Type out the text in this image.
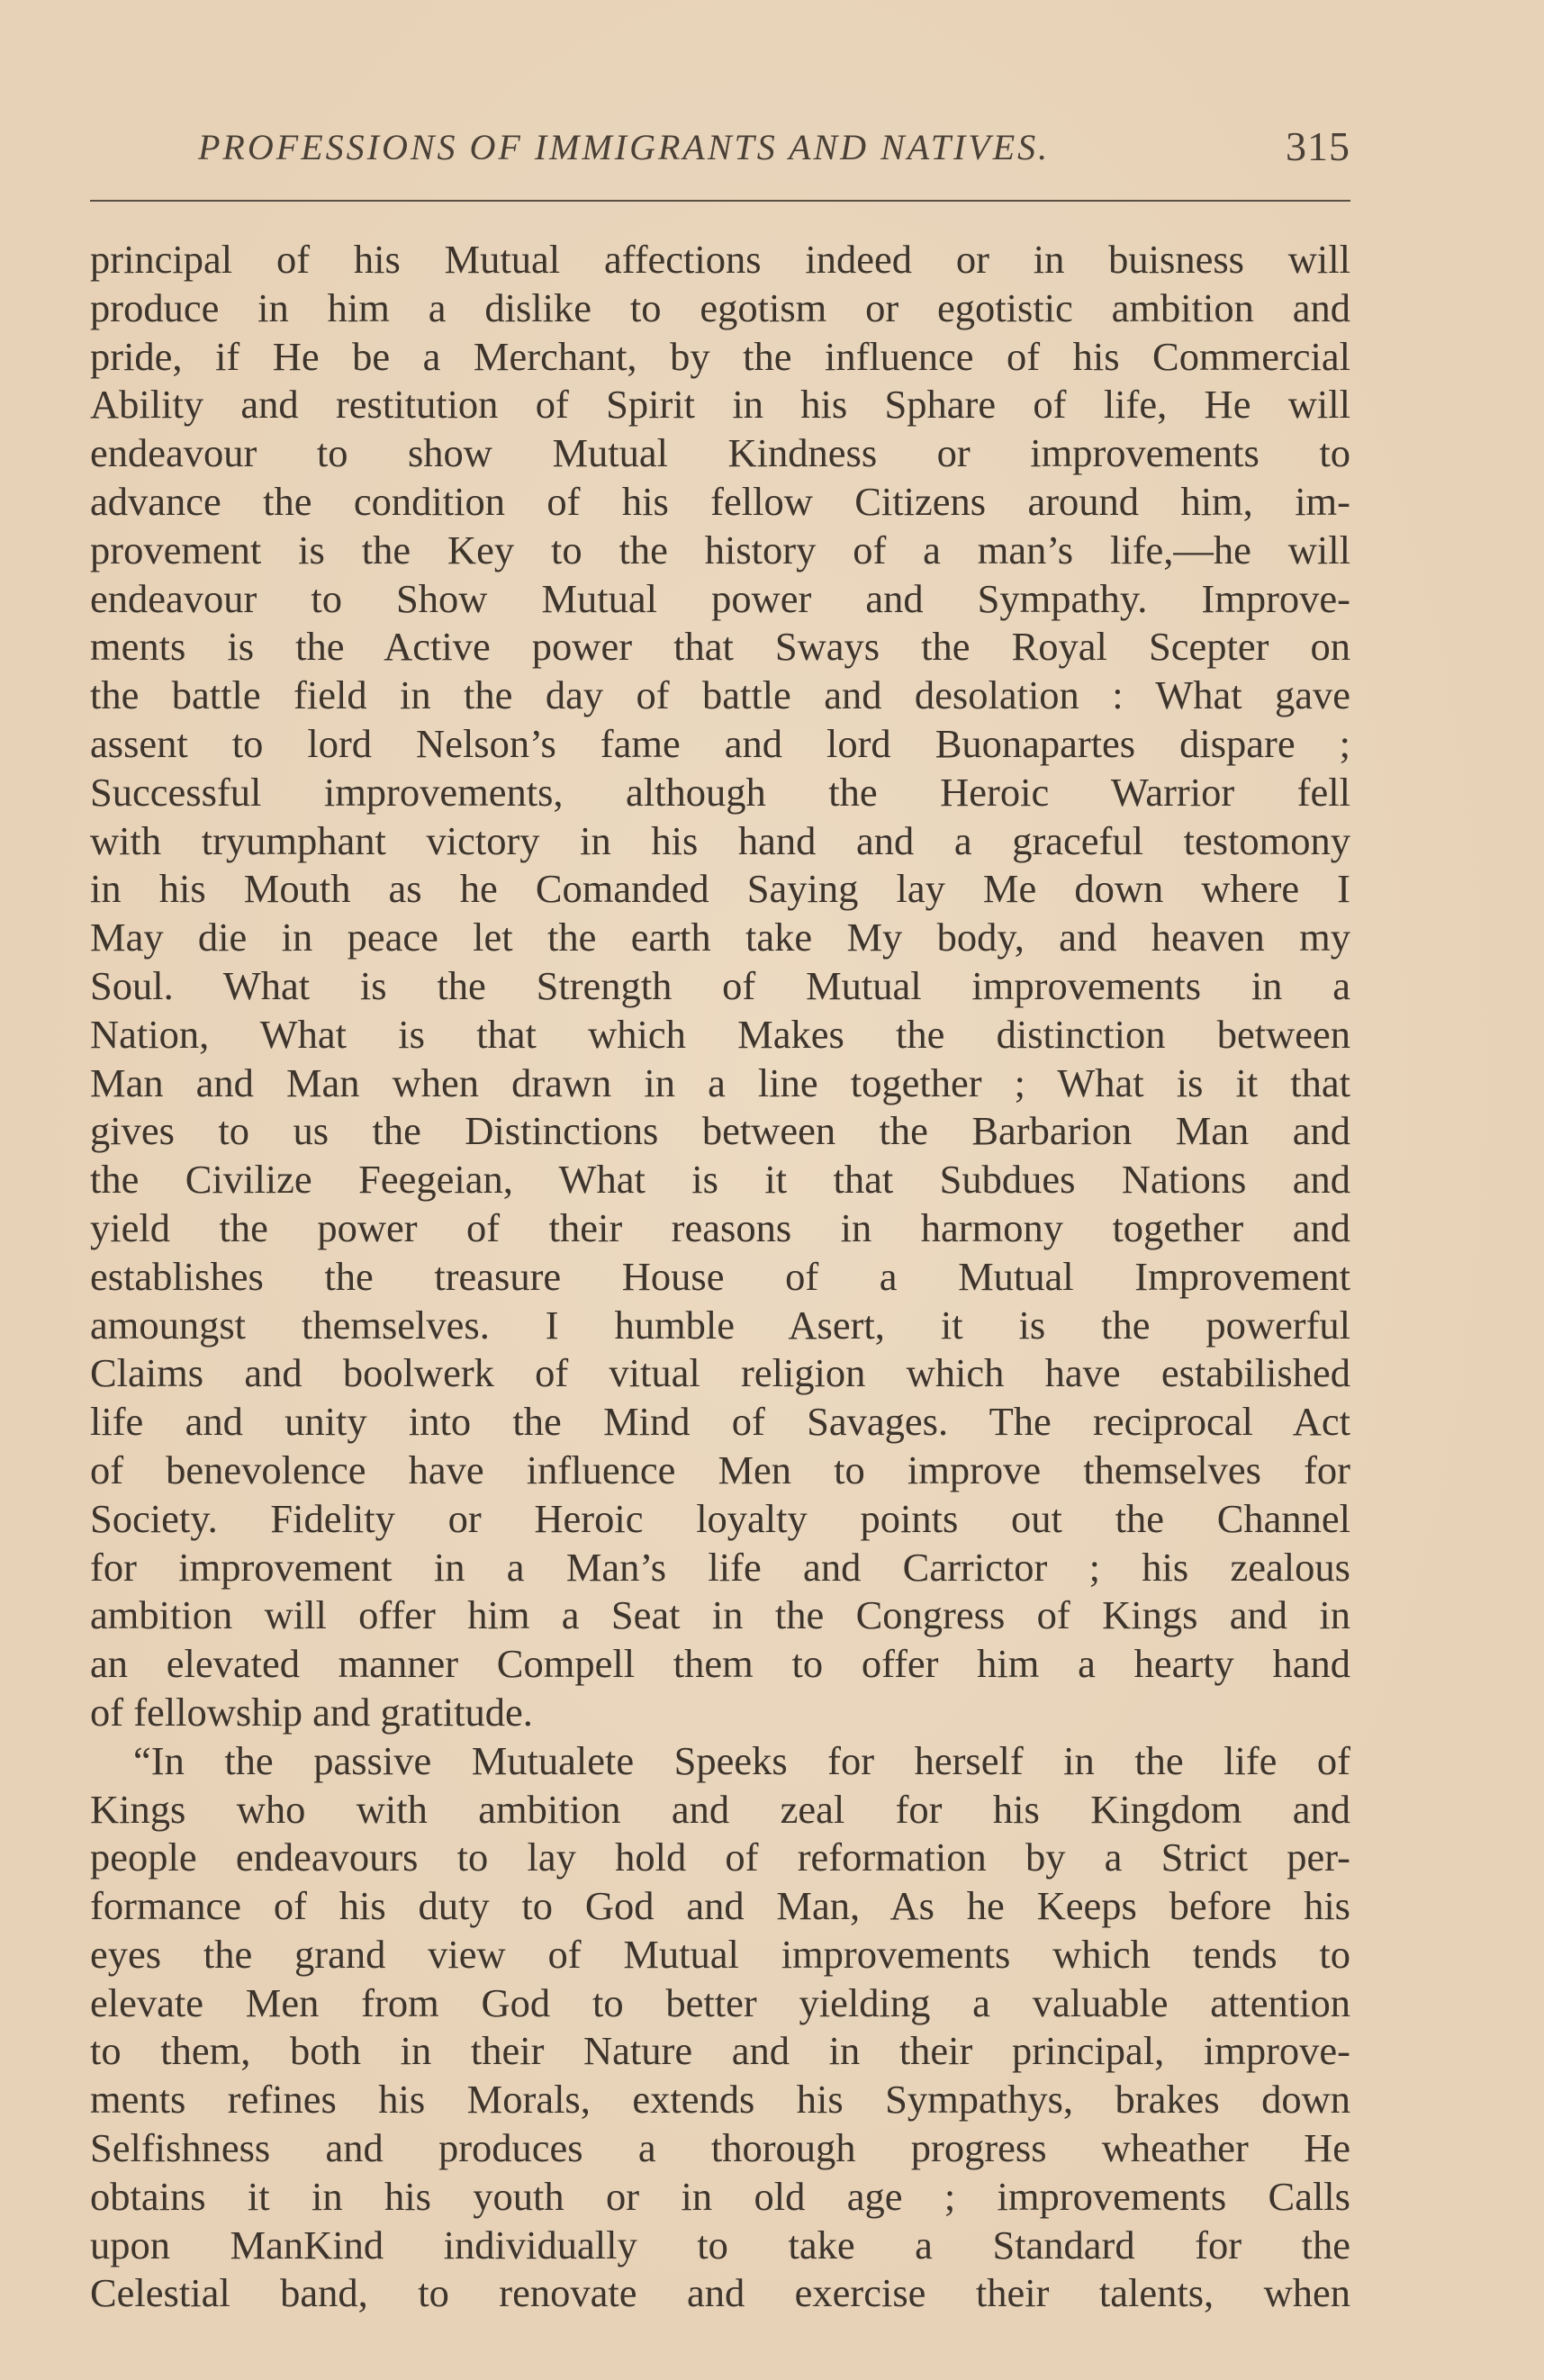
PROFESSIONS OF IMMIGRANTS AND NATIVES.	315
principal of his Mutual affections indeed or in buisness will
produce in him a dislike to egotism or egotistic ambition and
pride, if He be a Merchant, by the influence of his Commercial
Ability and restitution of Spirit in his Sphare of life, He will
endeavour to show Mutual Kindness or improvements to
advance the condition of his fellow Citizens around him, im-
provement is the Key to the history of a man’s life,—he will
endeavour to Show Mutual power and Sympathy. Improve-
ments is the Active power that Sways the Royal Scepter on
the battle field in the day of battle and desolation : What gave
assent to lord Nelson’s fame and lord Buonapartes dispare ;
Successful improvements, although the Heroic Warrior fell
with tryumphant victory in his hand and a graceful testomony
in his Mouth as he Comanded Saying lay Me down where I
May die in peace let the earth take My body, and heaven my
Soul. What is the Strength of Mutual improvements in a
Nation, What is that which Makes the distinction between
Man and Man when drawn in a line together ; What is it that
gives to us the Distinctions between the Barbarion Man and
the Civilize Feegeian, What is it that Subdues Nations and
yield the power of their reasons in harmony together and
establishes the treasure House of a Mutual Improvement
amoungst themselves. I humble Asert, it is the powerful
Claims and boolwerk of vitual religion which have estabilished
life and unity into the Mind of Savages. The reciprocal Act
of benevolence have influence Men to improve themselves for
Society. Fidelity or Heroic loyalty points out the Channel
for improvement in a Man’s life and Carrictor ; his zealous
ambition will offer him a Seat in the Congress of Kings and in
an elevated manner Compell them to offer him a hearty hand
of fellowship and gratitude.
“In the passive Mutualete Speeks for herself in the life of
Kings who with ambition and zeal for his Kingdom and
people endeavours to lay hold of reformation by a Strict per-
formance of his duty to God and Man, As he Keeps before his
eyes the grand view of Mutual improvements which tends to
elevate Men from God to better yielding a valuable attention
to them, both in their Nature and in their principal, improve-
ments refines his Morals, extends his Sympathys, brakes down
Selfishness and produces a thorough progress wheather He
obtains it in his youth or in old age ; improvements Calls
upon ManKind individually to take a Standard for the
Celestial band, to renovate and exercise their talents, when
